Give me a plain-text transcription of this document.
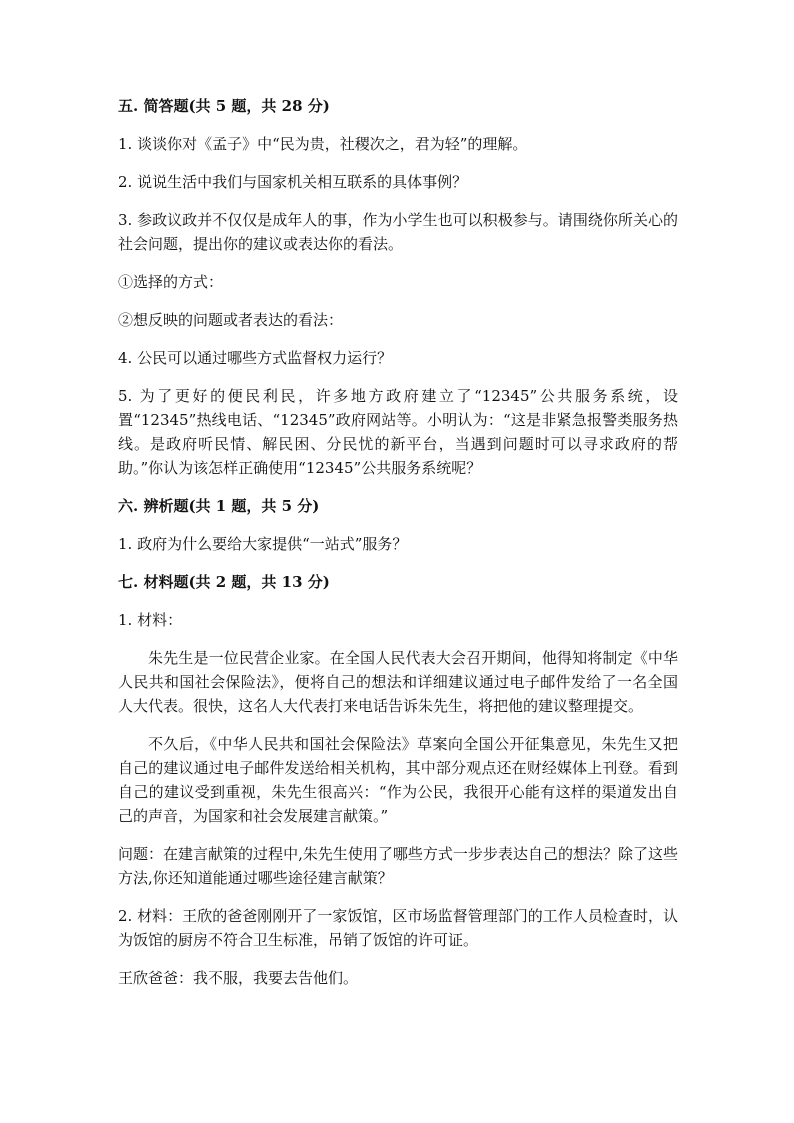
五. 简答题(共 5 题，共 28 分)
1. 谈谈你对《孟子》中“民为贵，社稷次之，君为轻”的理解。
2. 说说生活中我们与国家机关相互联系的具体事例？
3. 参政议政并不仅仅是成年人的事，作为小学生也可以积极参与。请围绕你所关心的社会问题，提出你的建议或表达你的看法。
①选择的方式：
②想反映的问题或者表达的看法：
4. 公民可以通过哪些方式监督权力运行？
5. 为了更好的便民利民，许多地方政府建立了“12345”公共服务系统，设置“12345”热线电话、“12345”政府网站等。小明认为：“这是非紧急报警类服务热线。是政府听民情、解民困、分民忧的新平台，当遇到问题时可以寻求政府的帮助。”你认为该怎样正确使用“12345”公共服务系统呢？
六. 辨析题(共 1 题，共 5 分)
1. 政府为什么要给大家提供“一站式”服务？
七. 材料题(共 2 题，共 13 分)
1. 材料：
朱先生是一位民营企业家。在全国人民代表大会召开期间，他得知将制定《中华人民共和国社会保险法》，便将自己的想法和详细建议通过电子邮件发给了一名全国人大代表。很快，这名人大代表打来电话告诉朱先生，将把他的建议整理提交。
不久后，《中华人民共和国社会保险法》草案向全国公开征集意见，朱先生又把自己的建议通过电子邮件发送给相关机构，其中部分观点还在财经媒体上刊登。看到自己的建议受到重视，朱先生很高兴：“作为公民，我很开心能有这样的渠道发出自己的声音，为国家和社会发展建言献策。”
问题：在建言献策的过程中,朱先生使用了哪些方式一步步表达自己的想法？除了这些方法,你还知道能通过哪些途径建言献策？
2. 材料：王欣的爸爸刚刚开了一家饭馆，区市场监督管理部门的工作人员检查时，认为饭馆的厨房不符合卫生标准，吊销了饭馆的许可证。
王欣爸爸：我不服，我要去告他们。
